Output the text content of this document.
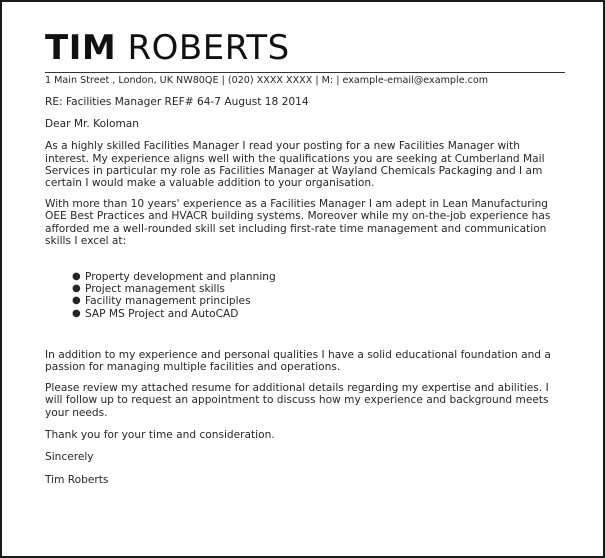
TIM ROBERTS
1 Main Street , London, UK NW80QE | (020) XXXX XXXX | M: | example-email@example.com
RE: Facilities Manager REF# 64-7 August 18 2014
Dear Mr. Koloman
As a highly skilled Facilities Manager I read your posting for a new Facilities Manager with
interest. My experience aligns well with the qualifications you are seeking at Cumberland Mail
Services in particular my role as Facilities Manager at Wayland Chemicals Packaging and I am
certain I would make a valuable addition to your organisation.
With more than 10 years' experience as a Facilities Manager I am adept in Lean Manufacturing
OEE Best Practices and HVACR building systems. Moreover while my on-the-job experience has
afforded me a well-rounded skill set including first-rate time management and communication
skills I excel at:
● Property development and planning
● Project management skills
● Facility management principles
● SAP MS Project and AutoCAD
In addition to my experience and personal qualities I have a solid educational foundation and a
passion for managing multiple facilities and operations.
Please review my attached resume for additional details regarding my expertise and abilities. I
will follow up to request an appointment to discuss how my experience and background meets
your needs.
Thank you for your time and consideration.
Sincerely
Tim Roberts
